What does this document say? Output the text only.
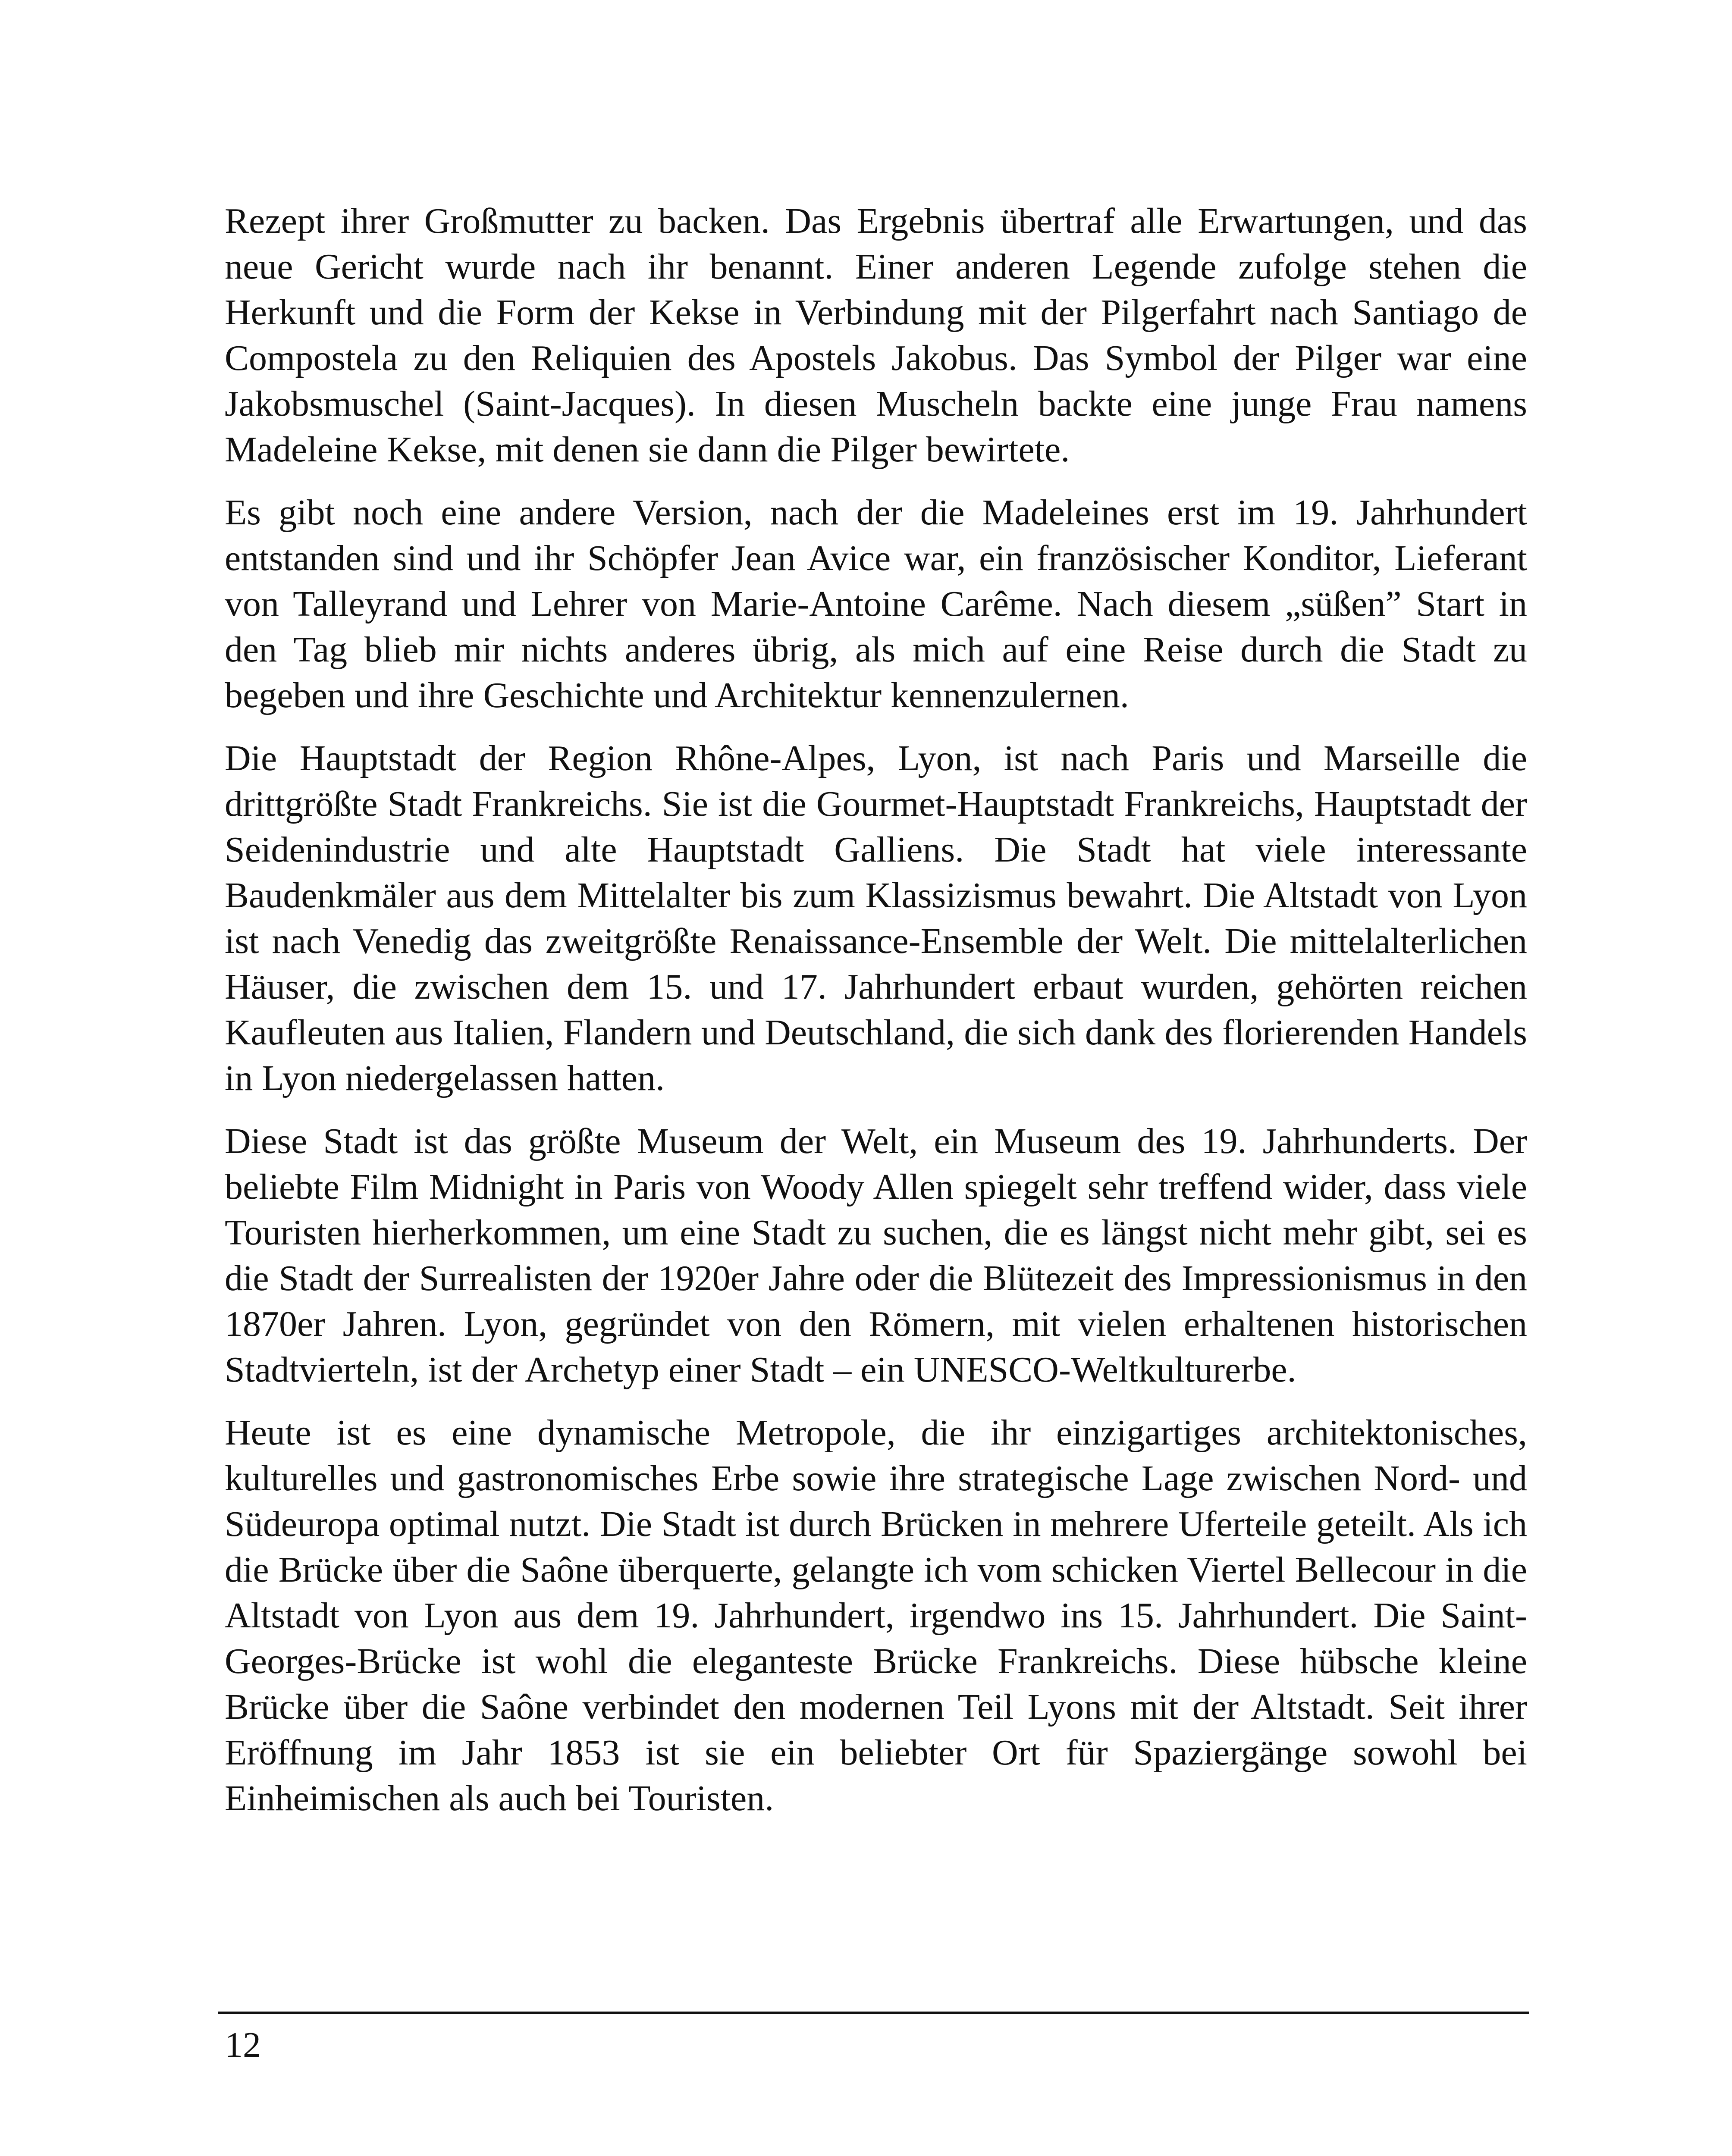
Rezept ihrer Großmutter zu backen. Das Ergebnis übertraf alle Erwartungen, und das neue Gericht wurde nach ihr benannt. Einer anderen Legende zufolge stehen die Herkunft und die Form der Kekse in Verbindung mit der Pilgerfahrt nach Santiago de Compostela zu den Reliquien des Apostels Jakobus. Das Symbol der Pilger war eine Jakobsmuschel (Saint-Jacques). In diesen Muscheln backte eine junge Frau namens Madeleine Kekse, mit denen sie dann die Pilger bewirtete.

Es gibt noch eine andere Version, nach der die Madeleines erst im 19. Jahrhundert entstanden sind und ihr Schöpfer Jean Avice war, ein französischer Konditor, Lieferant von Talleyrand und Lehrer von Marie-Antoine Carême. Nach diesem „süßen” Start in den Tag blieb mir nichts anderes übrig, als mich auf eine Reise durch die Stadt zu begeben und ihre Geschichte und Architektur kennenzulernen.

Die Hauptstadt der Region Rhône-Alpes, Lyon, ist nach Paris und Marseille die drittgrößte Stadt Frankreichs. Sie ist die Gourmet-Hauptstadt Frankreichs, Hauptstadt der Seidenindustrie und alte Hauptstadt Galliens. Die Stadt hat viele interessante Baudenkmäler aus dem Mittelalter bis zum Klassizismus bewahrt. Die Altstadt von Lyon ist nach Venedig das zweitgrößte Renaissance-Ensemble der Welt. Die mittelalterlichen Häuser, die zwischen dem 15. und 17. Jahrhundert erbaut wurden, gehörten reichen Kaufleuten aus Italien, Flandern und Deutschland, die sich dank des florierenden Handels in Lyon niedergelassen hatten.

Diese Stadt ist das größte Museum der Welt, ein Museum des 19. Jahrhunderts. Der beliebte Film Midnight in Paris von Woody Allen spiegelt sehr treffend wider, dass viele Touristen hierherkommen, um eine Stadt zu suchen, die es längst nicht mehr gibt, sei es die Stadt der Surrealisten der 1920er Jahre oder die Blütezeit des Impressionismus in den 1870er Jahren. Lyon, gegründet von den Römern, mit vielen erhaltenen historischen Stadtvierteln, ist der Archetyp einer Stadt – ein UNESCO-Weltkulturerbe.

Heute ist es eine dynamische Metropole, die ihr einzigartiges architektonisches, kulturelles und gastronomisches Erbe sowie ihre strategische Lage zwischen Nord- und Südeuropa optimal nutzt. Die Stadt ist durch Brücken in mehrere Uferteile geteilt. Als ich die Brücke über die Saône überquerte, gelangte ich vom schicken Viertel Bellecour in die Altstadt von Lyon aus dem 19. Jahrhundert, irgendwo ins 15. Jahrhundert. Die Saint-Georges-Brücke ist wohl die eleganteste Brücke Frankreichs. Diese hübsche kleine Brücke über die Saône verbindet den modernen Teil Lyons mit der Altstadt. Seit ihrer Eröffnung im Jahr 1853 ist sie ein beliebter Ort für Spaziergänge sowohl bei Einheimischen als auch bei Touristen.

12
